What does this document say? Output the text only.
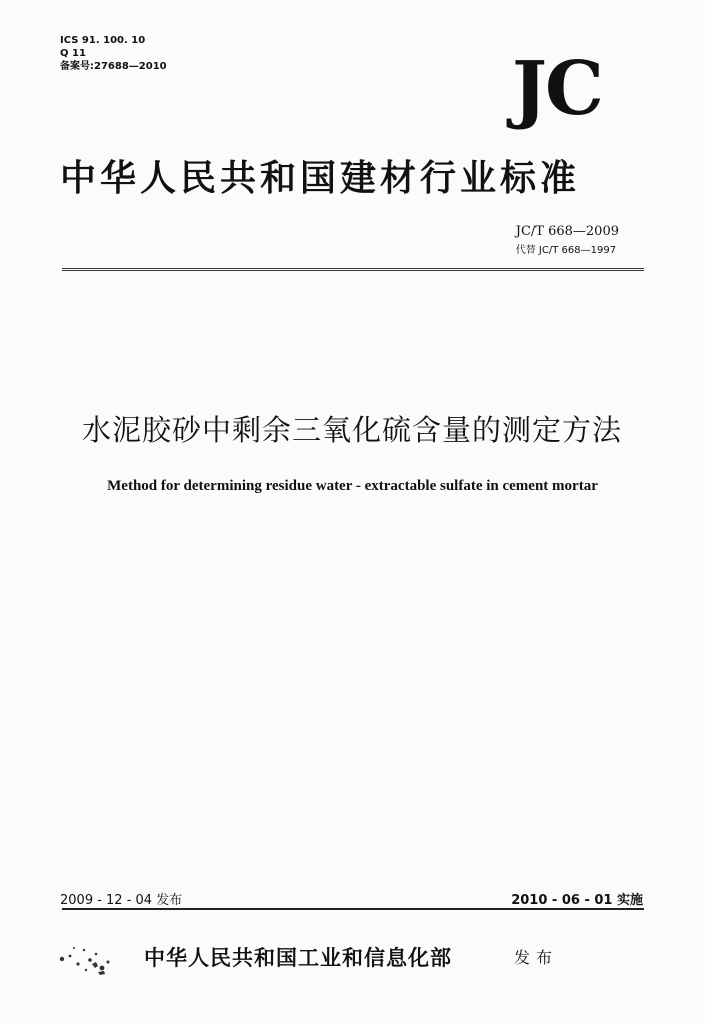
ICS 91. 100. 10
Q 11
备案号:27688—2010	JC
中华人民共和国建材行业标准
JC/T 668—2009
代替 JC/T 668—1997
水泥胶砂中剩余三氧化硫含量的测定方法
Method for determining residue water - extractable sulfate in cement mortar
2009 - 12 - 04 发布	2010 - 06 - 01 实施
中华人民共和国工业和信息化部	发布
